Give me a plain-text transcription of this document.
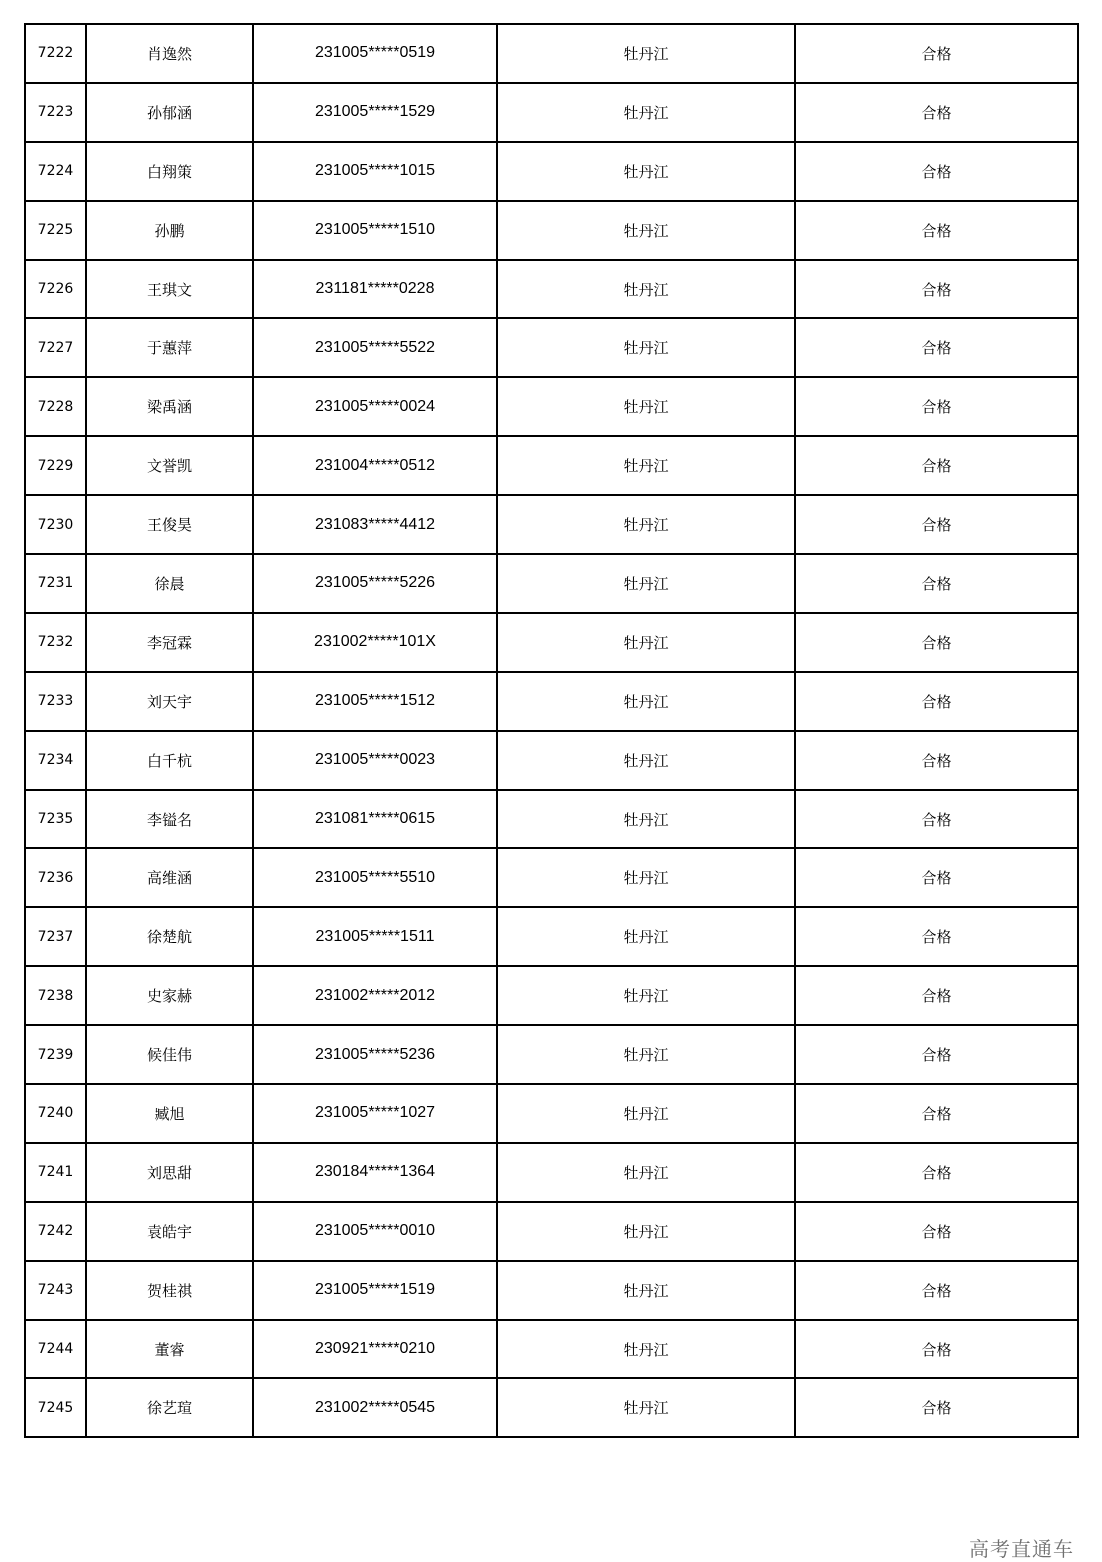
7222	肖逸然	231005*****0519	牡丹江	合格
7223	孙郁涵	231005*****1529	牡丹江	合格
7224	白翔策	231005*****1015	牡丹江	合格
7225	孙鹏	231005*****1510	牡丹江	合格
7226	王琪文	231181*****0228	牡丹江	合格
7227	于蕙萍	231005*****5522	牡丹江	合格
7228	梁禹涵	231005*****0024	牡丹江	合格
7229	文誉凯	231004*****0512	牡丹江	合格
7230	王俊昊	231083*****4412	牡丹江	合格
7231	徐晨	231005*****5226	牡丹江	合格
7232	李冠霖	231002*****101X	牡丹江	合格
7233	刘天宇	231005*****1512	牡丹江	合格
7234	白千杭	231005*****0023	牡丹江	合格
7235	李镒名	231081*****0615	牡丹江	合格
7236	高维涵	231005*****5510	牡丹江	合格
7237	徐楚航	231005*****1511	牡丹江	合格
7238	史家赫	231002*****2012	牡丹江	合格
7239	候佳伟	231005*****5236	牡丹江	合格
7240	臧旭	231005*****1027	牡丹江	合格
7241	刘思甜	230184*****1364	牡丹江	合格
7242	袁皓宇	231005*****0010	牡丹江	合格
7243	贺桂祺	231005*****1519	牡丹江	合格
7244	董睿	230921*****0210	牡丹江	合格
7245	徐艺瑄	231002*****0545	牡丹江	合格
高考直通车
